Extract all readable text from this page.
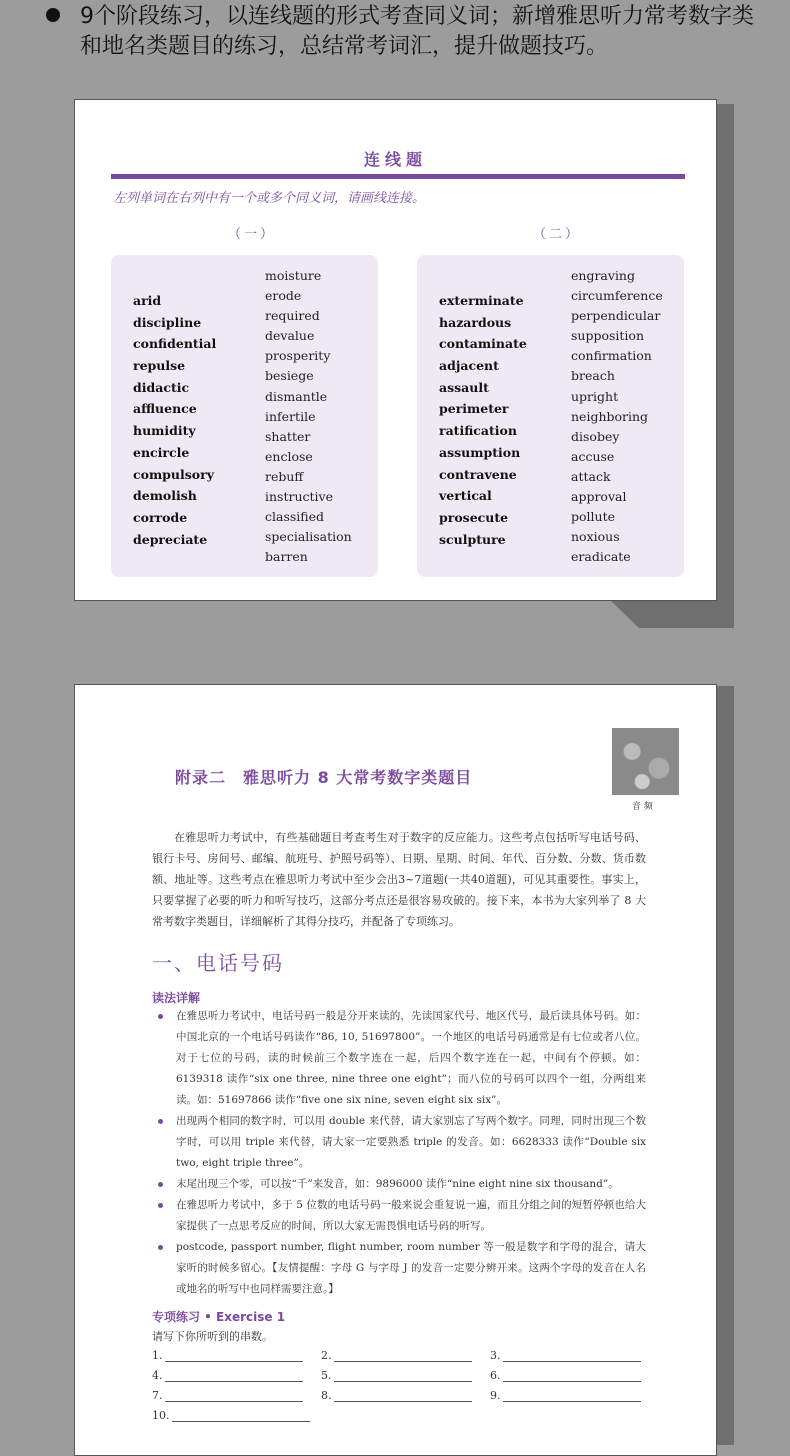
9个阶段练习，以连线题的形式考查同义词；新增雅思听力常考数字类和地名类题目的练习，总结常考词汇，提升做题技巧。
连线题
左列单词在右列中有一个或多个同义词，请画线连接。
（一）	（二）
arid
discipline
confidential
repulse
didactic
affluence
humidity
encircle
compulsory
demolish
corrode
depreciate
moisture
erode
required
devalue
prosperity
besiege
dismantle
infertile
shatter
enclose
rebuff
instructive
classified
specialisation
barren
exterminate
hazardous
contaminate
adjacent
assault
perimeter
ratification
assumption
contravene
vertical
prosecute
sculpture
engraving
circumference
perpendicular
supposition
confirmation
breach
upright
neighboring
disobey
accuse
attack
approval
pollute
noxious
eradicate
音 频
附录二　雅思听力 8 大常考数字类题目

在雅思听力考试中，有些基础题目考查考生对于数字的反应能力。这些考点包括听写电话号码、银行卡号、房间号、邮编、航班号、护照号码等）、日期、星期、时间、年代、百分数、分数、货币数额、地址等。这些考点在雅思听力考试中至少会出3~7道题(一共40道题)，可见其重要性。事实上，只要掌握了必要的听力和听写技巧，这部分考点还是很容易攻破的。接下来，本书为大家列举了 8 大常考数字类题目，详细解析了其得分技巧，并配备了专项练习。

一、电话号码
读法详解
在雅思听力考试中，电话号码一般是分开来读的，先读国家代号、地区代号，最后读具体号码。如：中国北京的一个电话号码读作“86, 10, 51697800”。一个地区的电话号码通常是有七位或者八位。对于七位的号码，读的时候前三个数字连在一起，后四个数字连在一起，中间有个停顿。如：6139318 读作“six one three, nine three one eight”；而八位的号码可以四个一组，分两组来读。如：51697866 读作“five one six nine, seven eight six six”。
出现两个相同的数字时，可以用 double 来代替，请大家别忘了写两个数字。同理，同时出现三个数字时，可以用 triple 来代替，请大家一定要熟悉 triple 的发音。如：6628333 读作“Double six two, eight triple three”。
末尾出现三个零，可以按“千”来发音，如：9896000 读作“nine eight nine six thousand”。
在雅思听力考试中，多于 5 位数的电话号码一般来说会重复说一遍，而且分组之间的短暂停顿也给大家提供了一点思考反应的时间，所以大家无需畏惧电话号码的听写。
postcode, passport number, flight number, room number 等一般是数字和字母的混合，请大家听的时候多留心。【友情提醒：字母 G 与字母 J 的发音一定要分辨开来。这两个字母的发音在人名或地名的听写中也同样需要注意。】
专项练习 • Exercise 1
请写下你所听到的串数。
1.	2.	3.
4.	5.	6.
7.	8.	9.
10.
